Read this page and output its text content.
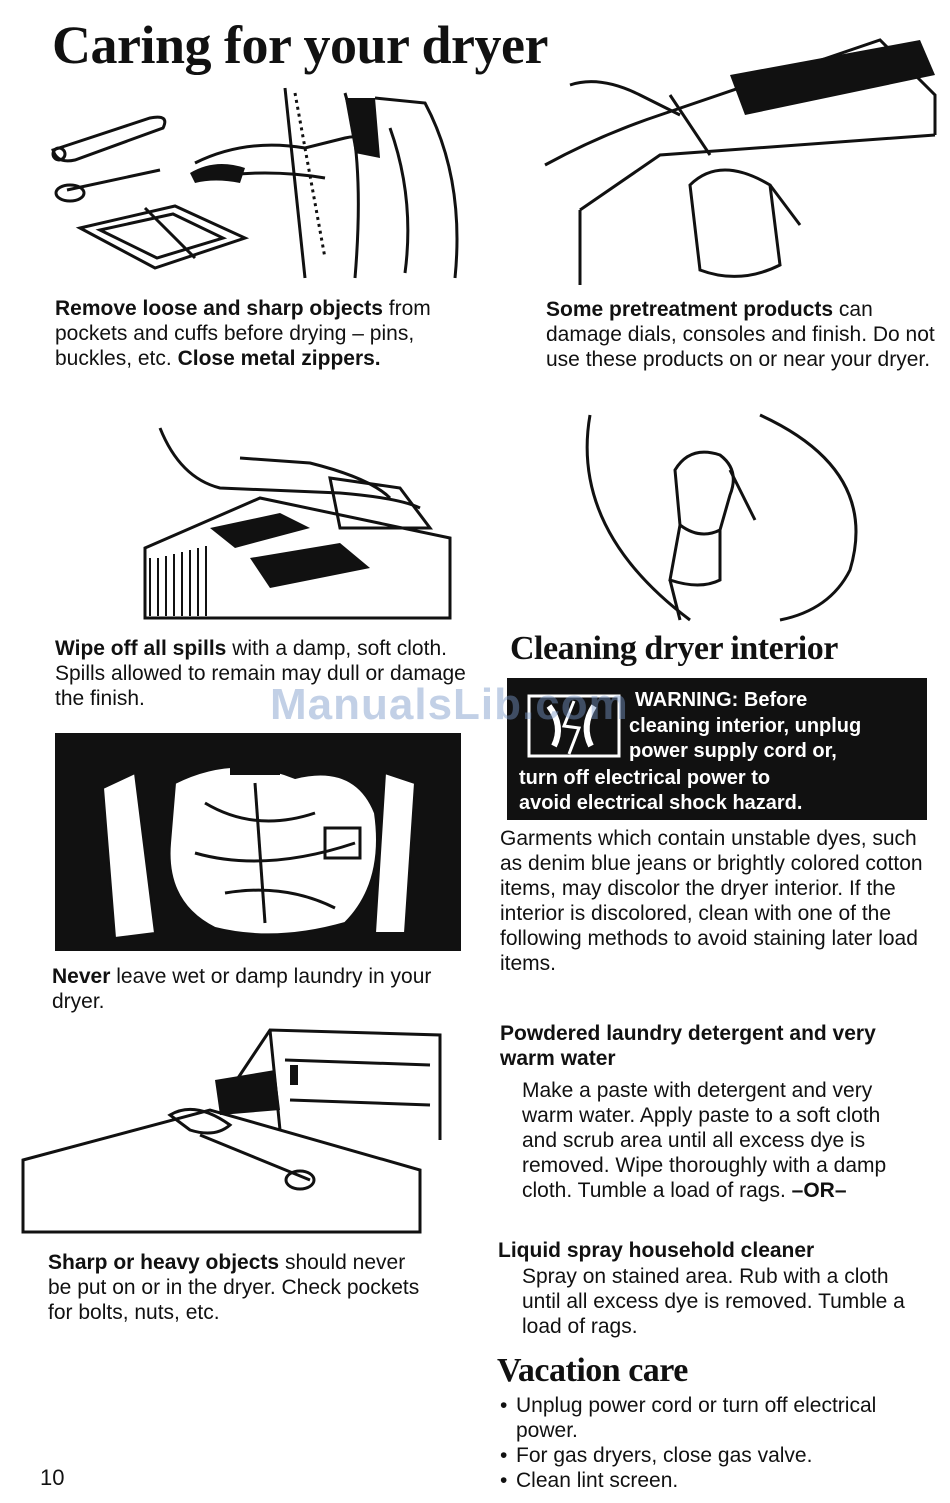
Caring for your dryer
Remove loose and sharp objects from pockets and cuffs before drying – pins, buckles, etc. Close metal zippers.
Wipe off all spills with a damp, soft cloth. Spills allowed to remain may dull or damage the finish.
Never leave wet or damp laundry in your dryer.
Sharp or heavy objects should never be put on or in the dryer. Check pockets for bolts, nuts, etc.
10
Some pretreatment products can damage dials, consoles and finish. Do not use these products on or near your dryer.
Cleaning dryer interior
WARNING: Before
cleaning interior, unplug
power supply cord or,
turn off electrical power to
avoid electrical shock hazard.
ManualsLib.com
Garments which contain unstable dyes, such as denim blue jeans or brightly colored cotton items, may discolor the dryer interior. If the interior is discolored, clean with one of the following methods to avoid staining later load items.
Powdered laundry detergent and very warm water
Make a paste with detergent and very warm water. Apply paste to a soft cloth and scrub area until all excess dye is removed. Wipe thoroughly with a damp cloth. Tumble a load of rags. –OR–
Liquid spray household cleaner
Spray on stained area. Rub with a cloth until all excess dye is removed. Tumble a load of rags.
Vacation care
• Unplug power cord or turn off electrical power.
• For gas dryers, close gas valve.
• Clean lint screen.
